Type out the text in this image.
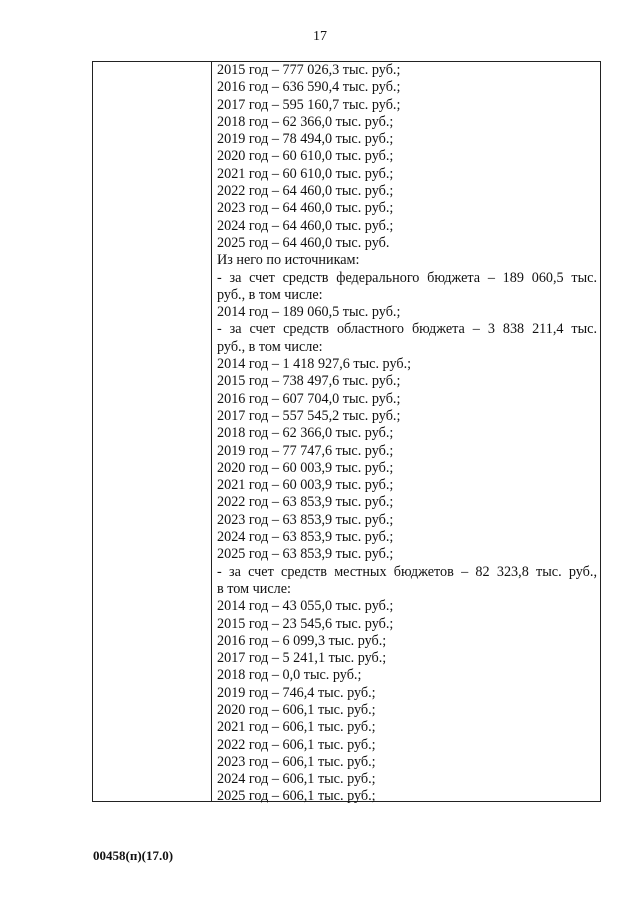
17
2015 год – 777 026,3 тыс. руб.;
2016 год – 636 590,4 тыс. руб.;
2017 год – 595 160,7 тыс. руб.;
2018 год – 62 366,0 тыс. руб.;
2019 год – 78 494,0 тыс. руб.;
2020 год – 60 610,0 тыс. руб.;
2021 год – 60 610,0 тыс. руб.;
2022 год – 64 460,0 тыс. руб.;
2023 год – 64 460,0 тыс. руб.;
2024 год – 64 460,0 тыс. руб.;
2025 год – 64 460,0 тыс. руб.
Из него по источникам:
- за счет средств федерального бюджета – 189 060,5 тыс.
руб., в том числе:
2014 год – 189 060,5 тыс. руб.;
- за счет средств областного бюджета – 3 838 211,4 тыс.
руб., в том числе:
2014 год – 1 418 927,6 тыс. руб.;
2015 год – 738 497,6 тыс. руб.;
2016 год – 607 704,0 тыс. руб.;
2017 год – 557 545,2 тыс. руб.;
2018 год – 62 366,0 тыс. руб.;
2019 год – 77 747,6 тыс. руб.;
2020 год – 60 003,9 тыс. руб.;
2021 год – 60 003,9 тыс. руб.;
2022 год – 63 853,9 тыс. руб.;
2023 год – 63 853,9 тыс. руб.;
2024 год – 63 853,9 тыс. руб.;
2025 год – 63 853,9 тыс. руб.;
- за счет средств местных бюджетов – 82 323,8 тыс. руб.,
в том числе:
2014 год – 43 055,0 тыс. руб.;
2015 год – 23 545,6 тыс. руб.;
2016 год – 6 099,3 тыс. руб.;
2017 год – 5 241,1 тыс. руб.;
2018 год – 0,0 тыс. руб.;
2019 год – 746,4 тыс. руб.;
2020 год – 606,1 тыс. руб.;
2021 год – 606,1 тыс. руб.;
2022 год – 606,1 тыс. руб.;
2023 год – 606,1 тыс. руб.;
2024 год – 606,1 тыс. руб.;
2025 год – 606,1 тыс. руб.;
00458(п)(17.0)
